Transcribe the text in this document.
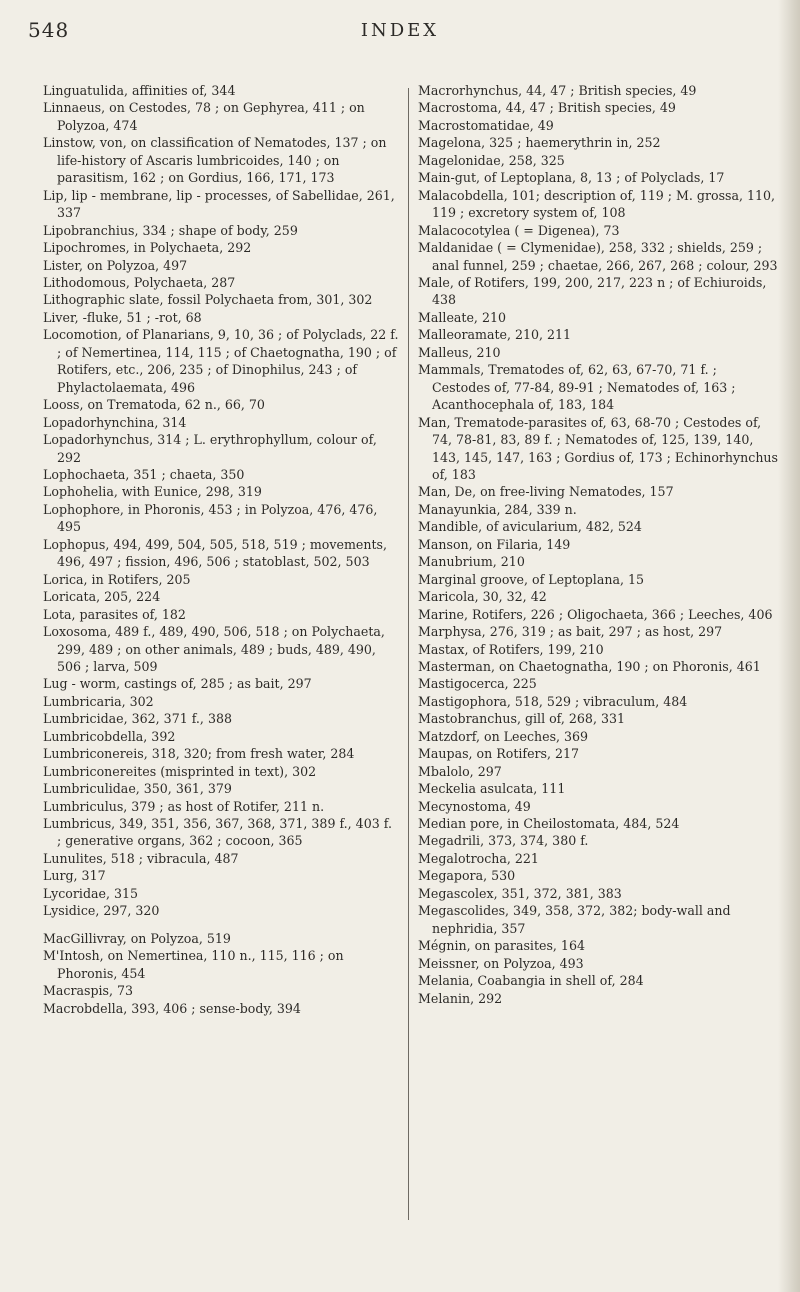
548	INDEX

Linguatulida, affinities of, 344

Linnaeus, on Cestodes, 78 ; on Gephyrea, 411 ; on Polyzoa, 474

Linstow, von, on classification of Nematodes, 137 ; on life-history of Ascaris lumbricoides, 140 ; on parasitism, 162 ; on Gordius, 166, 171, 173

Lip, lip - membrane, lip - processes, of Sabellidae, 261, 337

Lipobranchius, 334 ; shape of body, 259

Lipochromes, in Polychaeta, 292

Lister, on Polyzoa, 497

Lithodomous, Polychaeta, 287

Lithographic slate, fossil Polychaeta from, 301, 302

Liver, -fluke, 51 ; -rot, 68

Locomotion, of Planarians, 9, 10, 36 ; of Polyclads, 22 f. ; of Nemertinea, 114, 115 ; of Chaetognatha, 190 ; of Rotifers, etc., 206, 235 ; of Dinophilus, 243 ; of Phylactolaemata, 496

Looss, on Trematoda, 62 n., 66, 70

Lopadorhynchina, 314

Lopadorhynchus, 314 ; L. erythrophyllum, colour of, 292

Lophochaeta, 351 ; chaeta, 350

Lophohelia, with Eunice, 298, 319

Lophophore, in Phoronis, 453 ; in Polyzoa, 476, 476, 495

Lophopus, 494, 499, 504, 505, 518, 519 ; movements, 496, 497 ; fission, 496, 506 ; statoblast, 502, 503

Lorica, in Rotifers, 205

Loricata, 205, 224

Lota, parasites of, 182

Loxosoma, 489 f., 489, 490, 506, 518 ; on Polychaeta, 299, 489 ; on other animals, 489 ; buds, 489, 490, 506 ; larva, 509

Lug - worm, castings of, 285 ; as bait, 297

Lumbricaria, 302

Lumbricidae, 362, 371 f., 388

Lumbricobdella, 392

Lumbriconereis, 318, 320; from fresh water, 284

Lumbriconereites (misprinted in text), 302

Lumbriculidae, 350, 361, 379

Lumbriculus, 379 ; as host of Rotifer, 211 n.

Lumbricus, 349, 351, 356, 367, 368, 371, 389 f., 403 f. ; generative organs, 362 ; cocoon, 365

Lunulites, 518 ; vibracula, 487

Lurg, 317

Lycoridae, 315

Lysidice, 297, 320

MacGillivray, on Polyzoa, 519

M'Intosh, on Nemertinea, 110 n., 115, 116 ; on Phoronis, 454

Macraspis, 73

Macrobdella, 393, 406 ; sense-body, 394

Macrorhynchus, 44, 47 ; British species, 49

Macrostoma, 44, 47 ; British species, 49

Macrostomatidae, 49

Magelona, 325 ; haemerythrin in, 252

Magelonidae, 258, 325

Main-gut, of Leptoplana, 8, 13 ; of Polyclads, 17

Malacobdella, 101; description of, 119 ; M. grossa, 110, 119 ; excretory system of, 108

Malacocotylea ( = Digenea), 73

Maldanidae ( = Clymenidae), 258, 332 ; shields, 259 ; anal funnel, 259 ; chaetae, 266, 267, 268 ; colour, 293

Male, of Rotifers, 199, 200, 217, 223 n ; of Echiuroids, 438

Malleate, 210

Malleoramate, 210, 211

Malleus, 210

Mammals, Trematodes of, 62, 63, 67-70, 71 f. ; Cestodes of, 77-84, 89-91 ; Nematodes of, 163 ; Acanthocephala of, 183, 184

Man, Trematode-parasites of, 63, 68-70 ; Cestodes of, 74, 78-81, 83, 89 f. ; Nematodes of, 125, 139, 140, 143, 145, 147, 163 ; Gordius of, 173 ; Echinorhynchus of, 183

Man, De, on free-living Nematodes, 157

Manayunkia, 284, 339 n.

Mandible, of avicularium, 482, 524

Manson, on Filaria, 149

Manubrium, 210

Marginal groove, of Leptoplana, 15

Maricola, 30, 32, 42

Marine, Rotifers, 226 ; Oligochaeta, 366 ; Leeches, 406

Marphysa, 276, 319 ; as bait, 297 ; as host, 297

Mastax, of Rotifers, 199, 210

Masterman, on Chaetognatha, 190 ; on Phoronis, 461

Mastigocerca, 225

Mastigophora, 518, 529 ; vibraculum, 484

Mastobranchus, gill of, 268, 331

Matzdorf, on Leeches, 369

Maupas, on Rotifers, 217

Mbalolo, 297

Meckelia asulcata, 111

Mecynostoma, 49

Median pore, in Cheilostomata, 484, 524

Megadrili, 373, 374, 380 f.

Megalotrocha, 221

Megapora, 530

Megascolex, 351, 372, 381, 383

Megascolides, 349, 358, 372, 382; body-wall and nephridia, 357

Mégnin, on parasites, 164

Meissner, on Polyzoa, 493

Melania, Coabangia in shell of, 284

Melanin, 292
